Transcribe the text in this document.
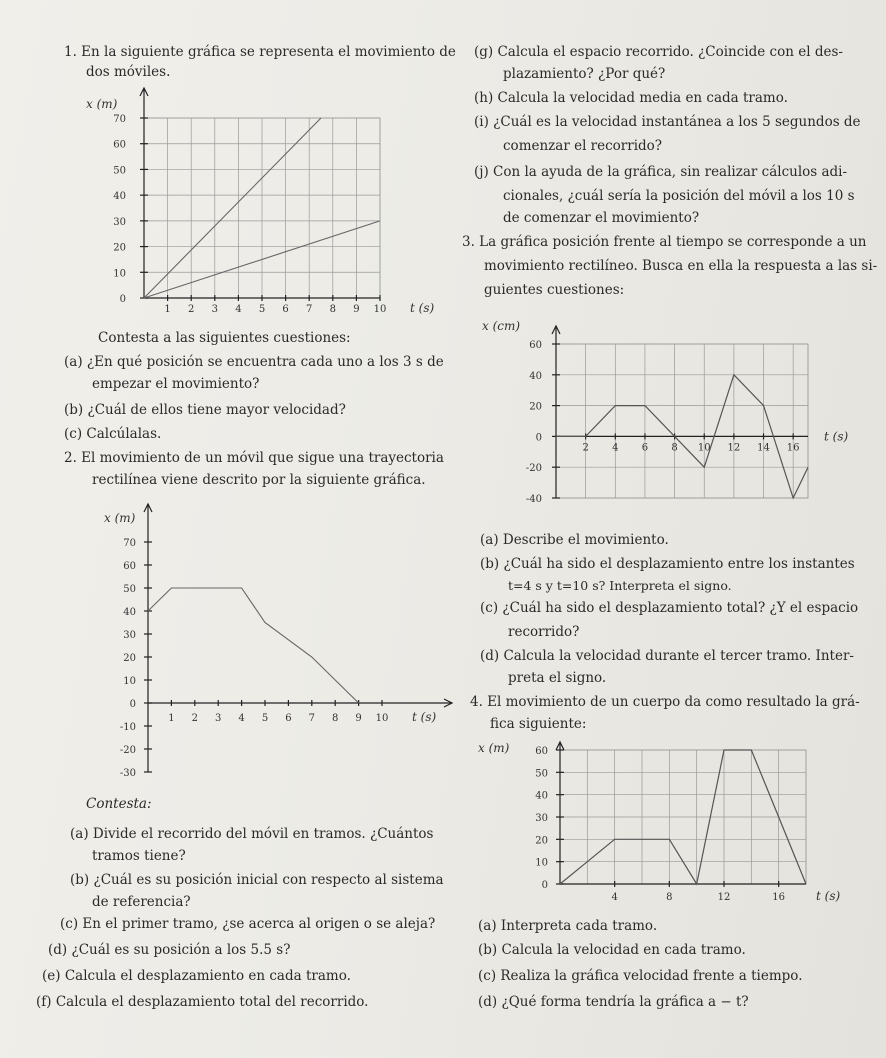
1. En la siguiente gráfica se representa el movimiento de
dos móviles.
1 2 3 4 5 6 7 8 9 10
0
10
20
30
40
50
60
70
t (s)
x (m)
Contesta a las siguientes cuestiones:
(a) ¿En qué posición se encuentra cada uno a los 3 s de
empezar el movimiento?
(b) ¿Cuál de ellos tiene mayor velocidad?
(c) Calcúlalas.
(g) Calcula el espacio recorrido. ¿Coincide con el des-
plazamiento? ¿Por qué?
(h) Calcula la velocidad media en cada tramo.
(i) ¿Cuál es la velocidad instantánea a los 5 segundos de
comenzar el recorrido?
(j) Con la ayuda de la gráfica, sin realizar cálculos adi-
cionales, ¿cuál sería la posición del móvil a los 10 s
de comenzar el movimiento?
3. La gráfica posición frente al tiempo se corresponde a un
movimiento rectilíneo. Busca en ella la respuesta a las si-
guientes cuestiones:
2 4 6 8 10 12 14 16
60
40
20
0
-20
-40
t (s)
x (cm)
(a) Describe el movimiento.
(b) ¿Cuál ha sido el desplazamiento entre los instantes
t=4 s y t=10 s? Interpreta el signo.
(c) ¿Cuál ha sido el desplazamiento total? ¿Y el espacio
recorrido?
(d) Calcula la velocidad durante el tercer tramo. Inter-
preta el signo.
2. El movimiento de un móvil que sigue una trayectoria
rectilínea viene descrito por la siguiente gráfica.
1 2 3 4 5 6 7 8 9 10
70
60
50
40
30
20
10
0
-10
-20
-30
t (s)
x (m)
Contesta:
(a) Divide el recorrido del móvil en tramos. ¿Cuántos
tramos tiene?
(b) ¿Cuál es su posición inicial con respecto al sistema
de referencia?
(c) En el primer tramo, ¿se acerca al origen o se aleja?
(d) ¿Cuál es su posición a los 5.5 s?
(e) Calcula el desplazamiento en cada tramo.
(f) Calcula el desplazamiento total del recorrido.
4. El movimiento de un cuerpo da como resultado la grá-
fica siguiente:
4	8	12	16
60
50
40
30
20
10
0
t (s)
x (m)
(a) Interpreta cada tramo.
(b) Calcula la velocidad en cada tramo.
(c) Realiza la gráfica velocidad frente a tiempo.
(d) ¿Qué forma tendría la gráfica a − t?
